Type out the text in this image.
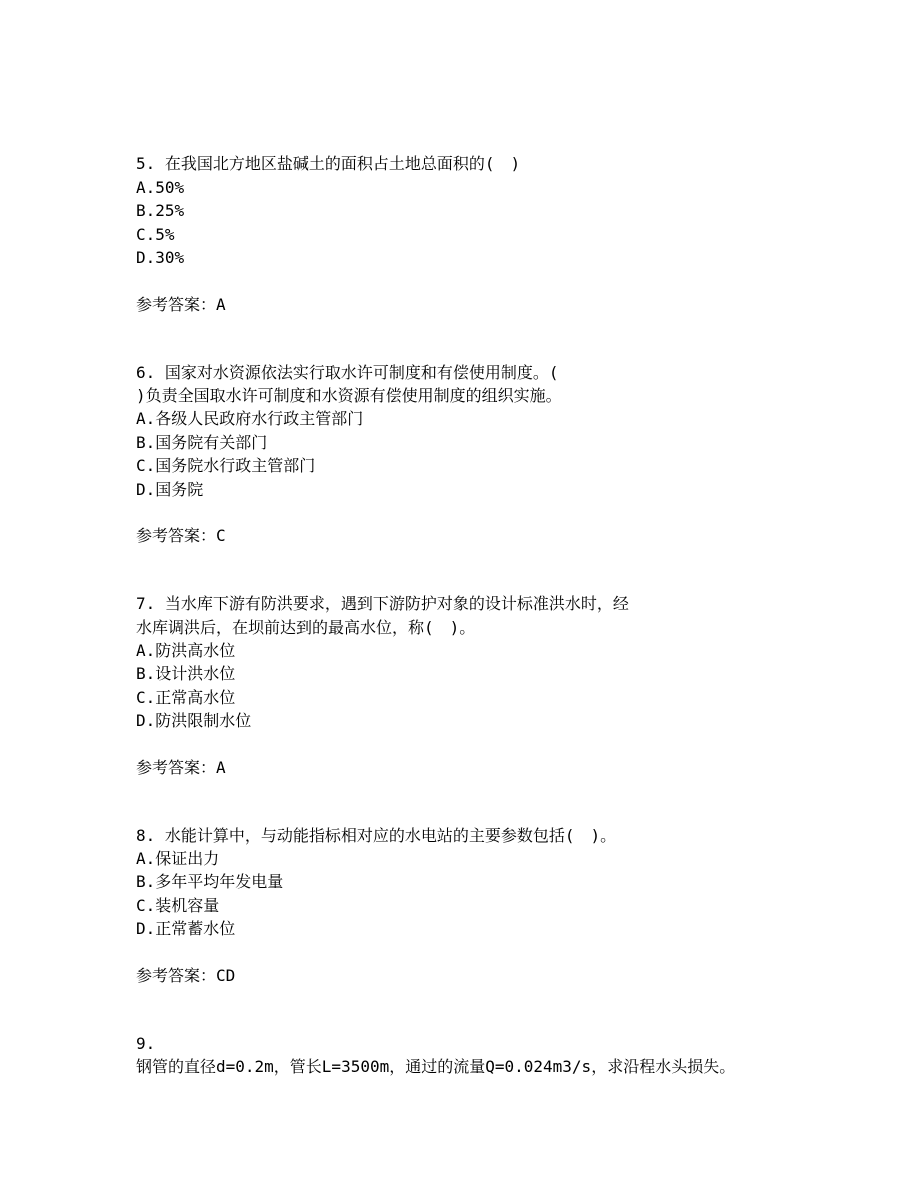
5. 在我国北方地区盐碱土的面积占土地总面积的(　)
A.50%
B.25%
C.5%
D.30%
参考答案：A
6. 国家对水资源依法实行取水许可制度和有偿使用制度。(
)负责全国取水许可制度和水资源有偿使用制度的组织实施。
A.各级人民政府水行政主管部门
B.国务院有关部门
C.国务院水行政主管部门
D.国务院
参考答案：C
7. 当水库下游有防洪要求，遇到下游防护对象的设计标准洪水时，经
水库调洪后，在坝前达到的最高水位，称(　)。
A.防洪高水位
B.设计洪水位
C.正常高水位
D.防洪限制水位
参考答案：A
8. 水能计算中，与动能指标相对应的水电站的主要参数包括(　)。
A.保证出力
B.多年平均年发电量
C.装机容量
D.正常蓄水位
参考答案：CD
9.
钢管的直径d=0.2m，管长L=3500m，通过的流量Q=0.024m3/s，求沿程水头损失。
